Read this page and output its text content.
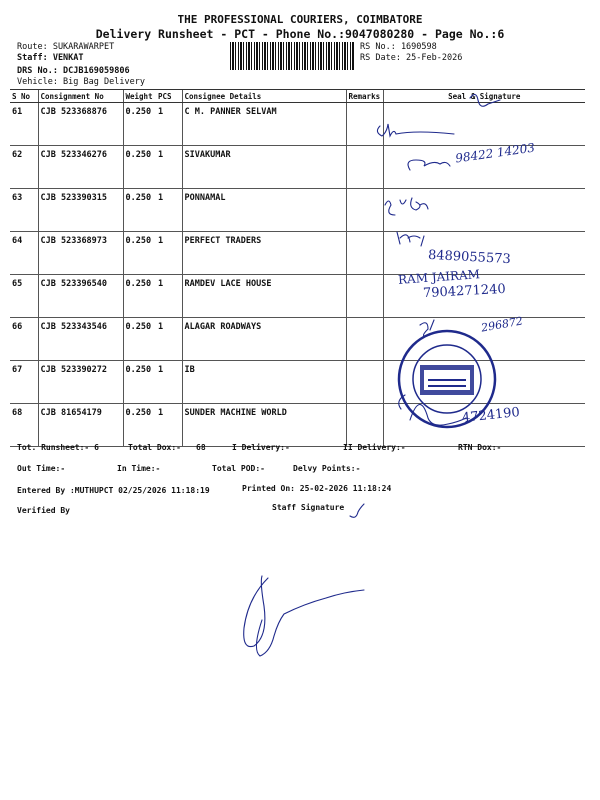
THE PROFESSIONAL COURIERS, COIMBATORE
Delivery Runsheet - PCT - Phone No.:9047080280 - Page No.:6
Route: SUKARAWARPET
Staff: VENKAT
DRS No.: DCJB169059806
Vehicle: Big Bag Delivery
RS No.: 1690598
RS Date: 25-Feb-2026
S No	Consignment No	Weight	PCS	Consignee Details	Remarks	Seal & Signature
61	CJB 523368876	0.250	1	C M. PANNER SELVAM		
62	CJB 523346276	0.250	1	SIVAKUMAR		
63	CJB 523390315	0.250	1	PONNAMAL		
64	CJB 523368973	0.250	1	PERFECT TRADERS		
65	CJB 523396540	0.250	1	RAMDEV LACE HOUSE		
66	CJB 523343546	0.250	1	ALAGAR ROADWAYS		
67	CJB 523390272	0.250	1	IB		
68	CJB 81654179	0.250	1	SUNDER MACHINE WORLD		
Tot. Runsheet:- 6	Total Dox:- 68	I Delivery:-	II Delivery:-	RTN Dox:-
Out Time:-	In Time:-	Total POD:-	Delvy Points:-
Entered By :MUTHUPCT 02/25/2026 11:18:19	Printed On: 25-02-2026 11:18:24
Verified By	Staff Signature
98422 14203
8489055573
RAM JAIRAM
7904271240
296872
4724190
